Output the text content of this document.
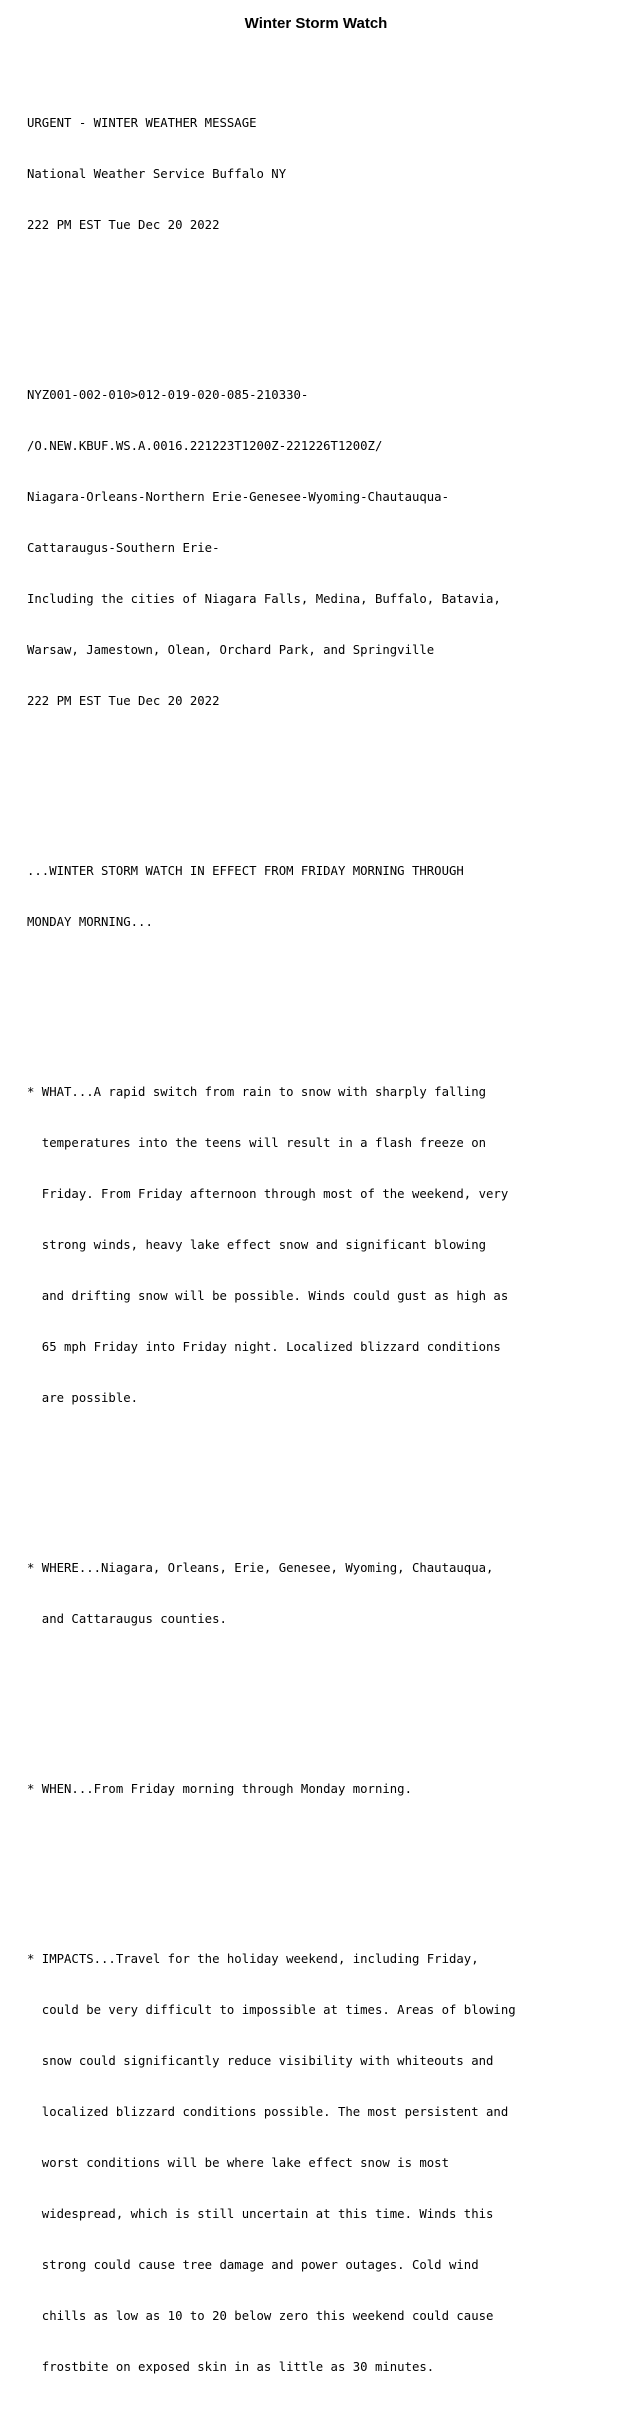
Winter Storm Watch

URGENT - WINTER WEATHER MESSAGE

National Weather Service Buffalo NY

222 PM EST Tue Dec 20 2022

NYZ001-002-010>012-019-020-085-210330-

/O.NEW.KBUF.WS.A.0016.221223T1200Z-221226T1200Z/

Niagara-Orleans-Northern Erie-Genesee-Wyoming-Chautauqua-

Cattaraugus-Southern Erie-

Including the cities of Niagara Falls, Medina, Buffalo, Batavia,

Warsaw, Jamestown, Olean, Orchard Park, and Springville

222 PM EST Tue Dec 20 2022

...WINTER STORM WATCH IN EFFECT FROM FRIDAY MORNING THROUGH

MONDAY MORNING...

* WHAT...A rapid switch from rain to snow with sharply falling

temperatures into the teens will result in a flash freeze on

Friday. From Friday afternoon through most of the weekend, very

strong winds, heavy lake effect snow and significant blowing

and drifting snow will be possible. Winds could gust as high as

65 mph Friday into Friday night. Localized blizzard conditions

are possible.

* WHERE...Niagara, Orleans, Erie, Genesee, Wyoming, Chautauqua,

and Cattaraugus counties.

* WHEN...From Friday morning through Monday morning.

* IMPACTS...Travel for the holiday weekend, including Friday,

could be very difficult to impossible at times. Areas of blowing

snow could significantly reduce visibility with whiteouts and

localized blizzard conditions possible. The most persistent and

worst conditions will be where lake effect snow is most

widespread, which is still uncertain at this time. Winds this

strong could cause tree damage and power outages. Cold wind

chills as low as 10 to 20 below zero this weekend could cause

frostbite on exposed skin in as little as 30 minutes.
